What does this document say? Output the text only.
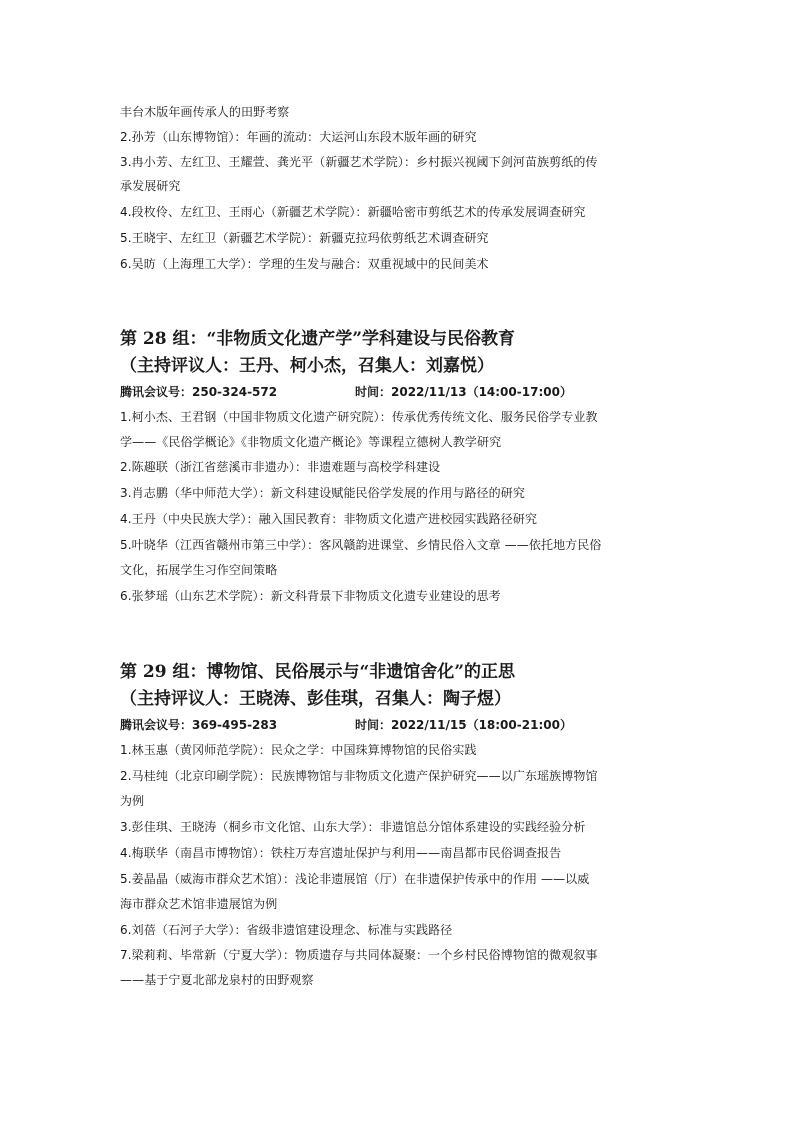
丰台木版年画传承人的田野考察
2.孙芳（山东博物馆）：年画的流动：大运河山东段木版年画的研究
3.冉小芳、左红卫、王耀萱、龚光平（新疆艺术学院）：乡村振兴视阈下剑河苗族剪纸的传
承发展研究
4.段枚伶、左红卫、王雨心（新疆艺术学院）：新疆哈密市剪纸艺术的传承发展调查研究
5.王晓宇、左红卫（新疆艺术学院）：新疆克拉玛依剪纸艺术调查研究
6.吴昉（上海理工大学）：学理的生发与融合：双重视域中的民间美术
第 28 组：“非物质文化遗产学”学科建设与民俗教育
（主持评议人：王丹、柯小杰，召集人：刘嘉悦）
腾讯会议号：250-324-572	时间：2022/11/13（14:00-17:00）
1.柯小杰、王君钢（中国非物质文化遗产研究院）：传承优秀传统文化、服务民俗学专业教
学——《民俗学概论》《非物质文化遗产概论》等课程立德树人教学研究
2.陈趣联（浙江省慈溪市非遗办）：非遗难题与高校学科建设
3.肖志鹏（华中师范大学）：新文科建设赋能民俗学发展的作用与路径的研究
4.王丹（中央民族大学）：融入国民教育：非物质文化遗产进校园实践路径研究
5.叶晓华（江西省赣州市第三中学）：客风赣韵进课堂、乡情民俗入文章 ——依托地方民俗
文化，拓展学生习作空间策略
6.张梦瑶（山东艺术学院）：新文科背景下非物质文化遗专业建设的思考
第 29 组：博物馆、民俗展示与“非遗馆舍化”的正思
（主持评议人：王晓涛、彭佳琪，召集人：陶子煜）
腾讯会议号：369-495-283	时间：2022/11/15（18:00-21:00）
1.林玉惠（黄冈师范学院）：民众之学：中国珠算博物馆的民俗实践
2.马桂纯（北京印刷学院）：民族博物馆与非物质文化遗产保护研究——以广东瑶族博物馆
为例
3.彭佳琪、王晓涛（桐乡市文化馆、山东大学）：非遗馆总分馆体系建设的实践经验分析
4.梅联华（南昌市博物馆）：铁柱万寿宫遗址保护与利用——南昌都市民俗调查报告
5.姜晶晶（威海市群众艺术馆）：浅论非遗展馆（厅）在非遗保护传承中的作用 ——以威
海市群众艺术馆非遗展馆为例
6.刘蓓（石河子大学）：省级非遗馆建设理念、标准与实践路径
7.梁莉莉、毕常新（宁夏大学）：物质遗存与共同体凝聚：一个乡村民俗博物馆的微观叙事
——基于宁夏北部龙泉村的田野观察
